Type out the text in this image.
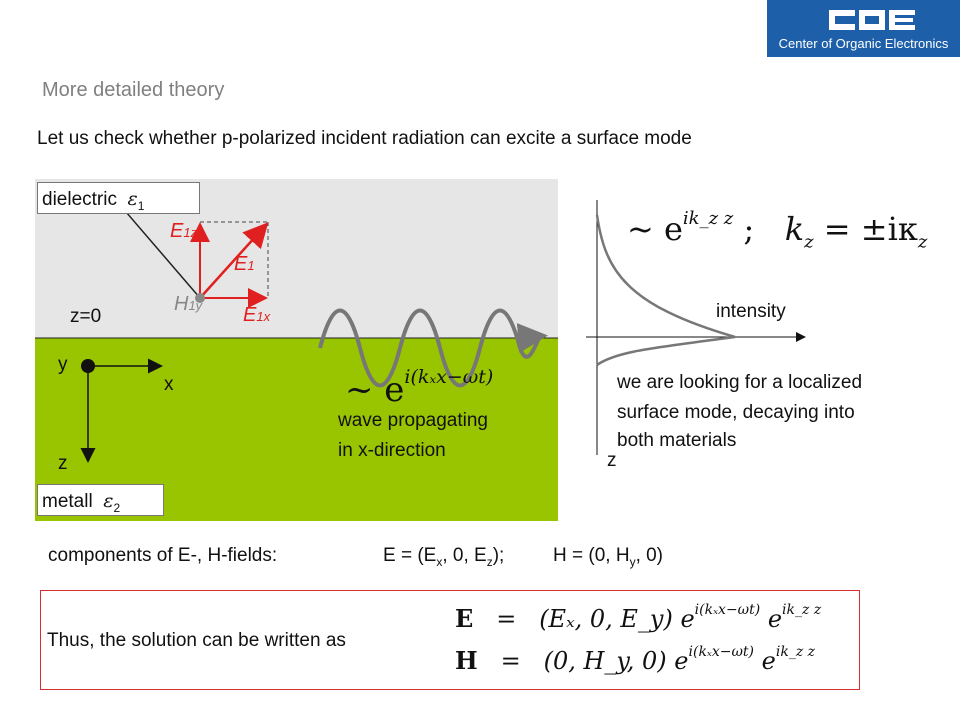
Center of Organic Electronics
More detailed theory
Let us check whether p-polarized incident radiation can excite a surface mode
dielectric $\varepsilon_1$
metall $\varepsilon_2$
z=0
y
x
z
E1z
E1
E1x
H1y
~ $e^{i(k_xx-\omega t)}$
wave propagating
in x-direction
~ $e^{ik\_z z}$ ; $k_z = \pm i\kappa_z$
intensity
z
we are looking for a localized
surface mode, decaying into
both materials
components of E-, H-fields:	$E = (E_x$, 0, $E_z$);	H = (0, $H_y$, 0)
Thus, the solution can be written as
E = (Eₓ, 0, E_y) $e^{i(k_xx-\omega t)}$ $e^{ik\_z z}$
H = (0, H_y, 0) $e^{i(k_xx-\omega t)}$ $e^{ik\_z z}$
